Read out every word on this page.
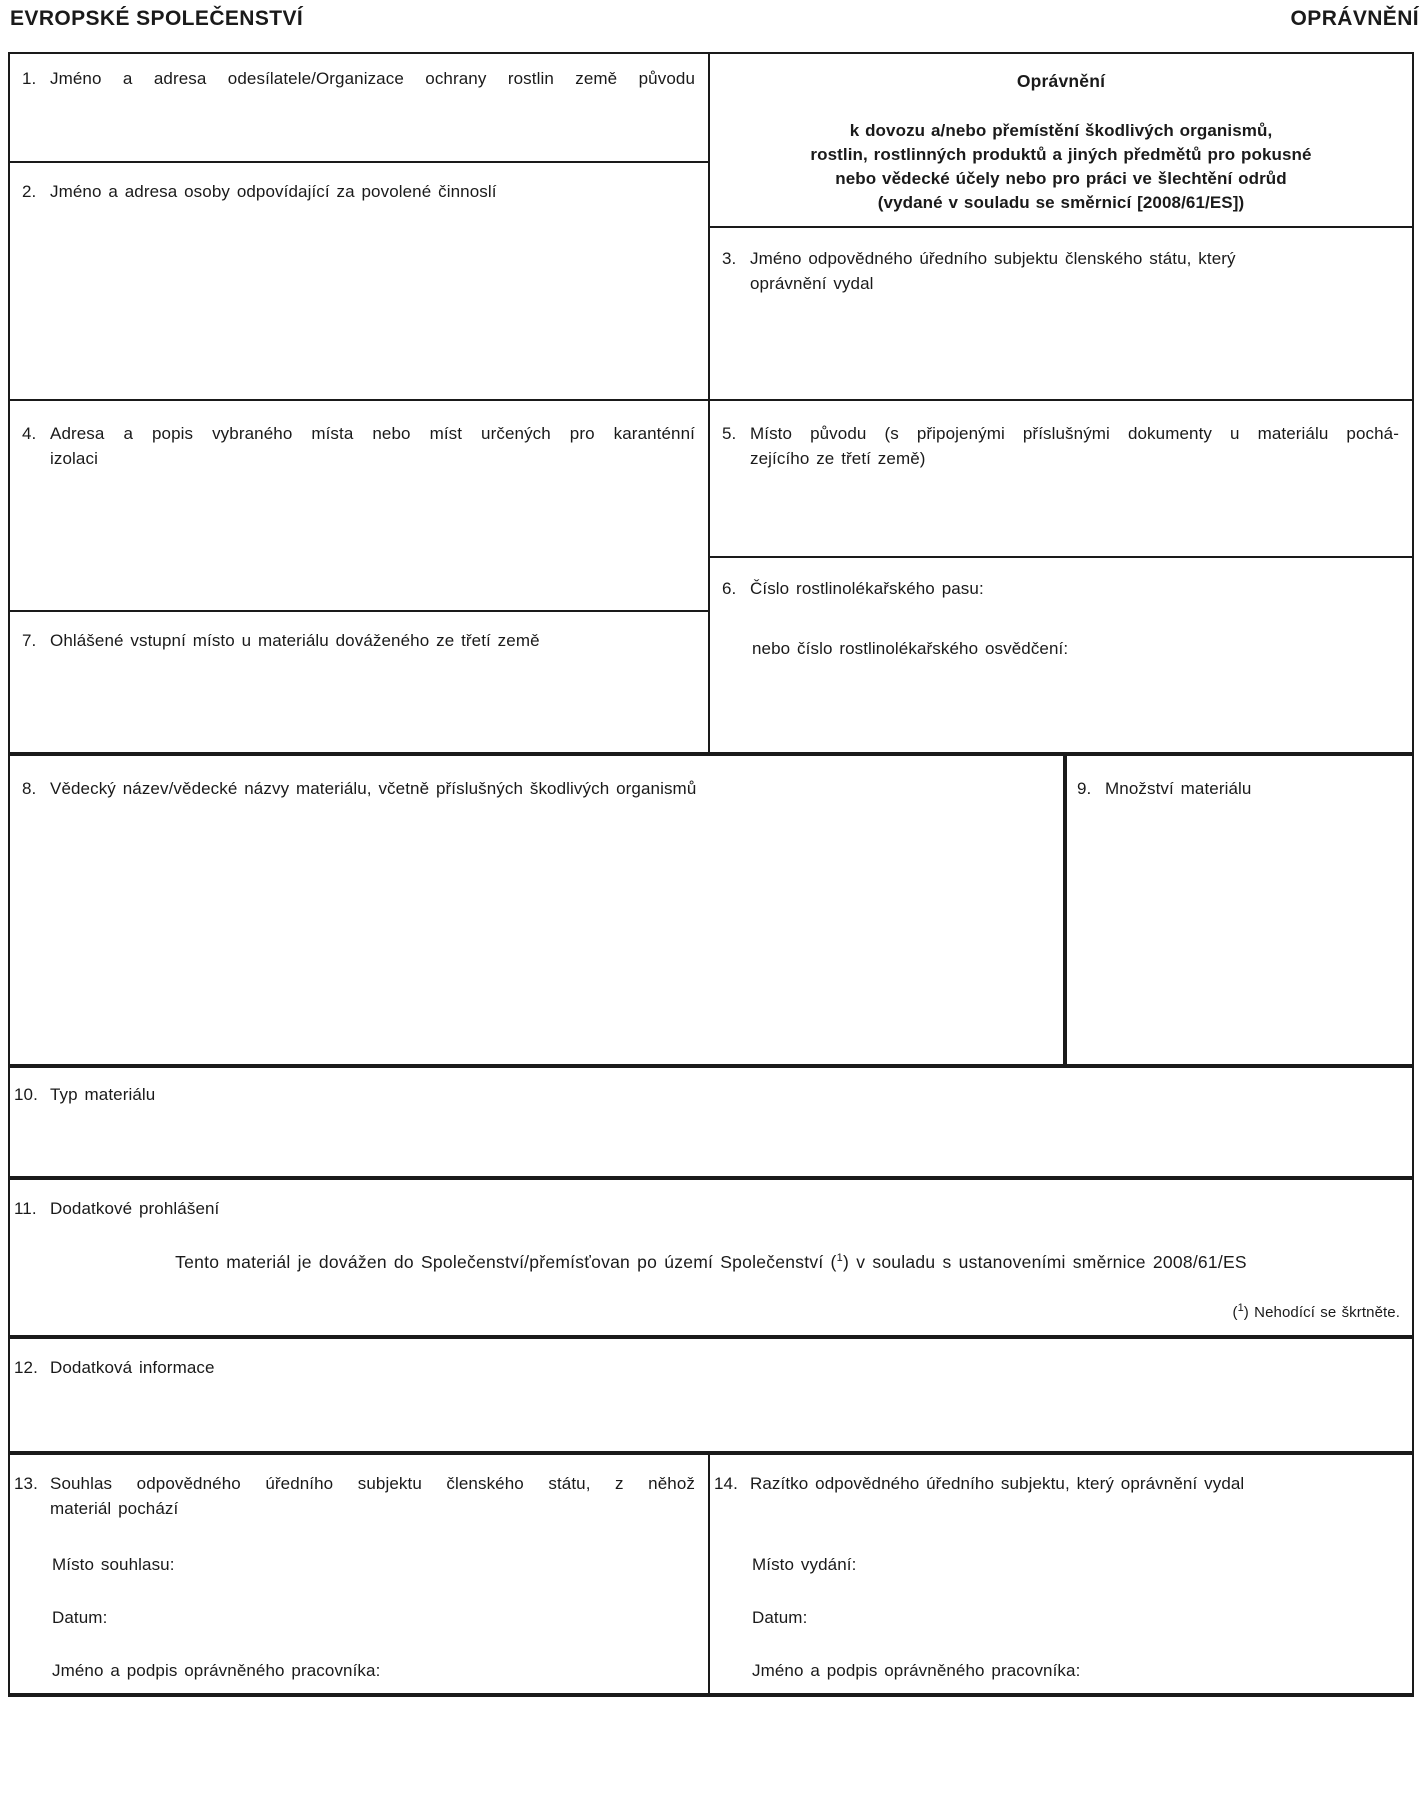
EVROPSKÉ SPOLEČENSTVÍ	OPRÁVNĚNÍ
1. Jméno a adresa odesílatele/Organizace ochrany rostlin země původu
2. Jméno a adresa osoby odpovídající za povolené činnoslí
Oprávnění
k dovozu a/nebo přemístění škodlivých organismů,
rostlin, rostlinných produktů a jiných předmětů pro pokusné
nebo vědecké účely nebo pro práci ve šlechtění odrůd
(vydané v souladu se směrnicí [2008/61/ES])
3. Jméno odpovědného úředního subjektu členského státu, který
oprávnění vydal
4. Adresa a popis vybraného místa nebo míst určených pro karanténní
izolaci
7. Ohlášené vstupní místo u materiálu dováženého ze třetí země
5. Místo původu (s připojenými příslušnými dokumenty u materiálu pochá-
zejícího ze třetí země)
6. Číslo rostlinolékařského pasu:
nebo číslo rostlinolékařského osvědčení:
8. Vědecký název/vědecké názvy materiálu, včetně příslušných škodlivých organismů	9. Množství materiálu
10. Typ materiálu
11. Dodatkové prohlášení
Tento materiál je dovážen do Společenství/přemísťovan po území Společenství ($^1$) v souladu s ustanoveními směrnice 2008/61/ES
($^1$) Nehodící se škrtněte.
12. Dodatková informace
13. Souhlas odpovědného úředního subjektu členského státu, z něhož
materiál pochází
Místo souhlasu:
Datum:
Jméno a podpis oprávněného pracovníka:
14. Razítko odpovědného úředního subjektu, který oprávnění vydal
Místo vydání:
Datum:
Jméno a podpis oprávněného pracovníka:
